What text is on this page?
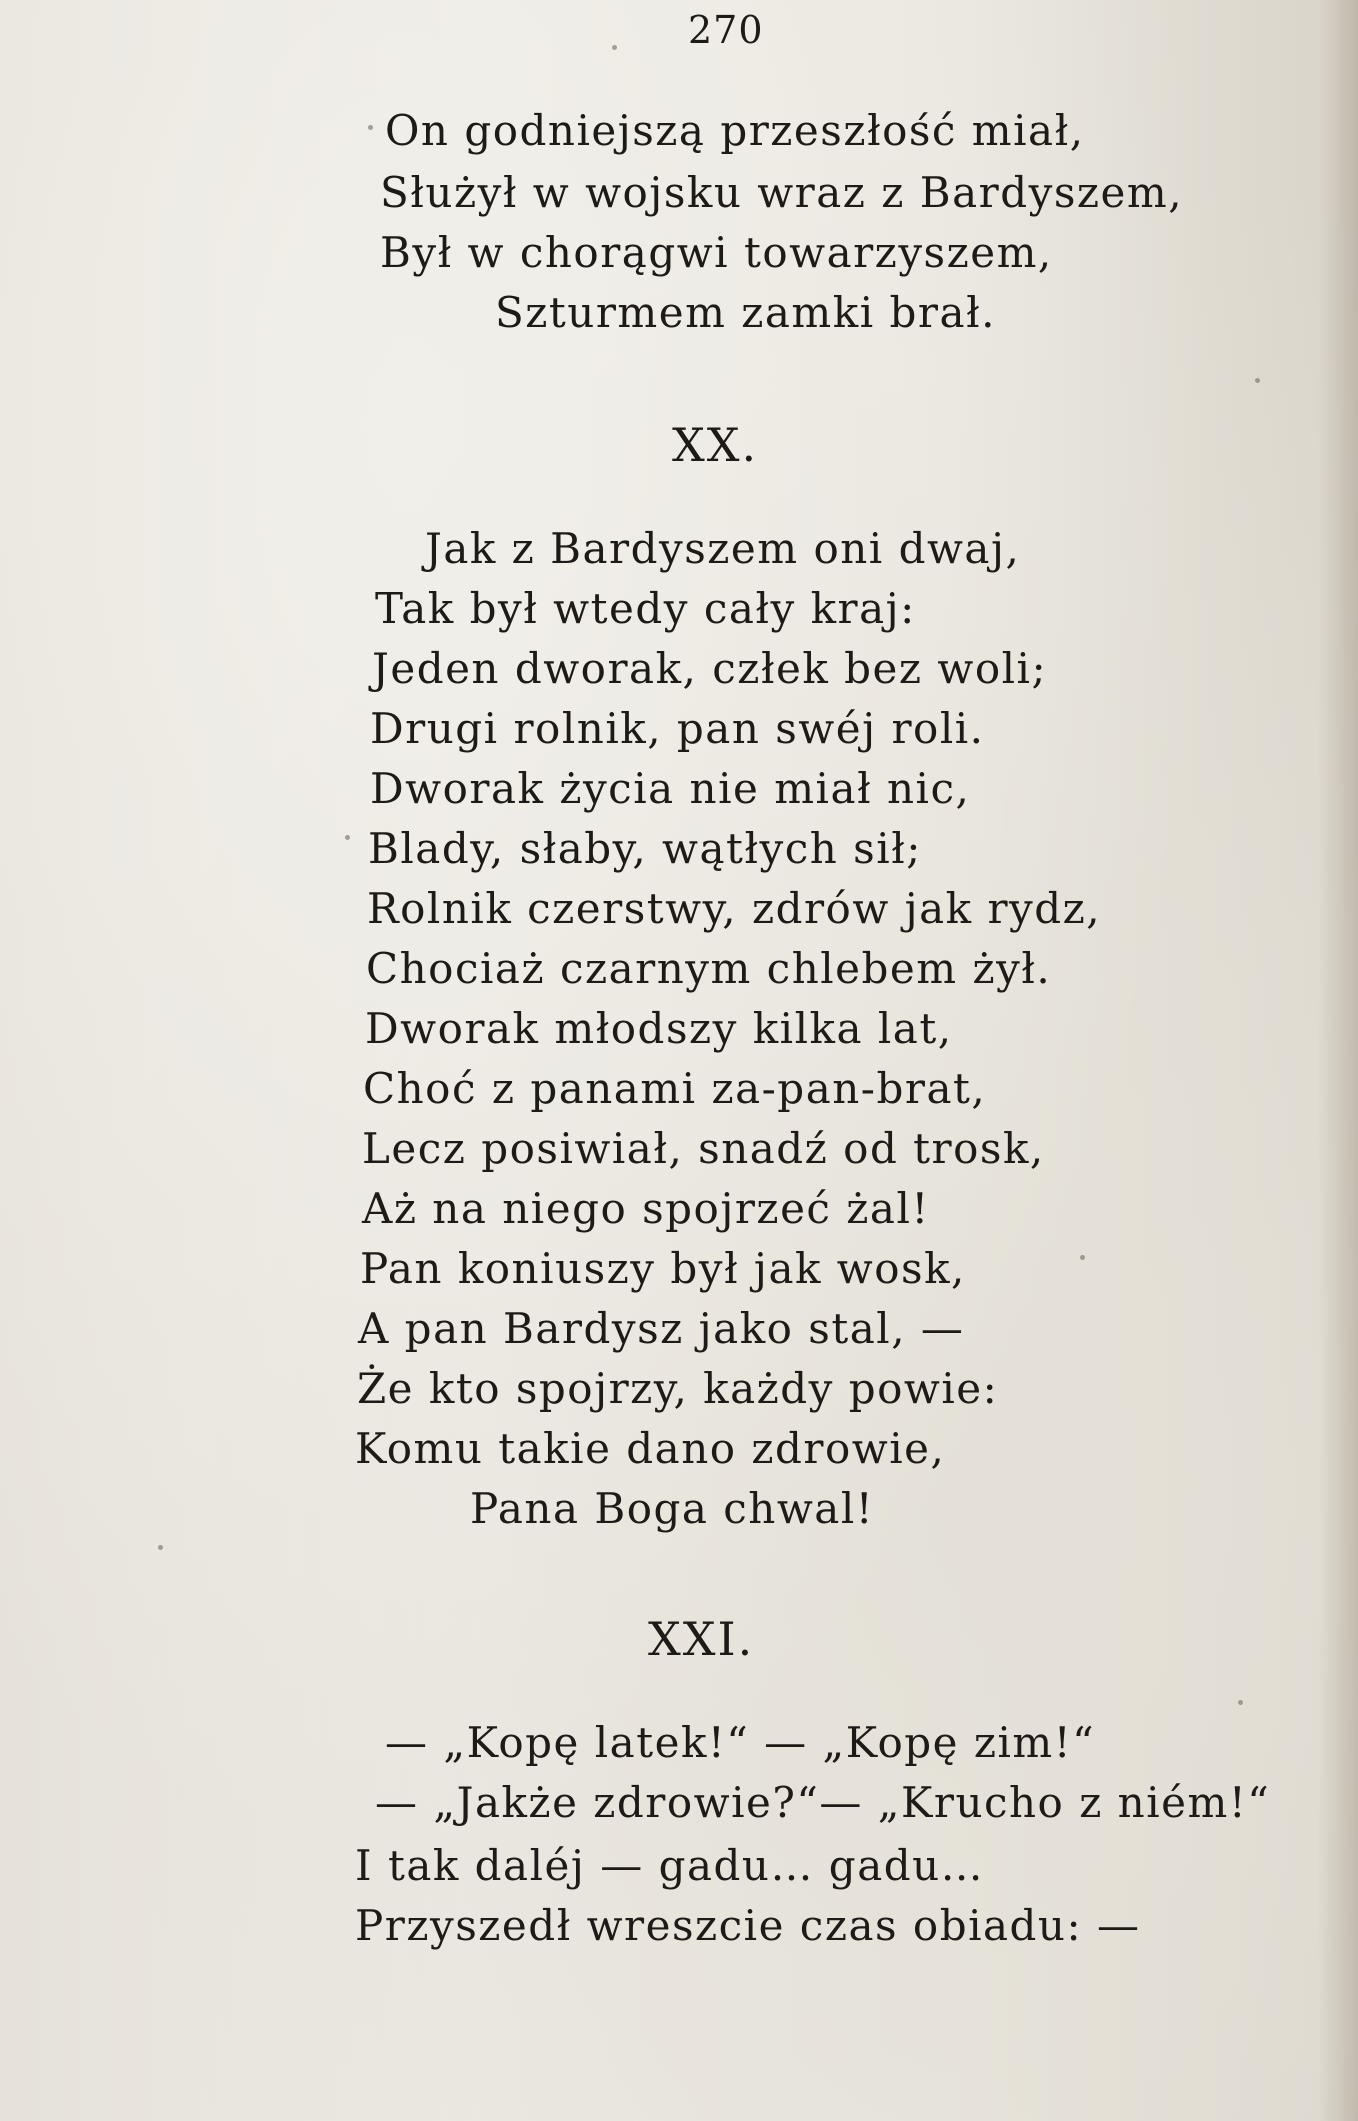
270
On godniejszą przeszłość miał,
Służył w wojsku wraz z Bardyszem,
Był w chorągwi towarzyszem,
Szturmem zamki brał.
XX.
Jak z Bardyszem oni dwaj,
Tak był wtedy cały kraj:
Jeden dworak, człek bez woli;
Drugi rolnik, pan swéj roli.
Dworak życia nie miał nic,
Blady, słaby, wątłych sił;
Rolnik czerstwy, zdrów jak rydz,
Chociaż czarnym chlebem żył.
Dworak młodszy kilka lat,
Choć z panami za-pan-brat,
Lecz posiwiał, snadź od trosk,
Aż na niego spojrzeć żal!
Pan koniuszy był jak wosk,
A pan Bardysz jako stal, —
Że kto spojrzy, każdy powie:
Komu takie dano zdrowie,
Pana Boga chwal!
XXI.
— „Kopę latek!“ — „Kopę zim!“
— „Jakże zdrowie?“— „Krucho z niém!“
I tak daléj — gadu… gadu…
Przyszedł wreszcie czas obiadu: —
